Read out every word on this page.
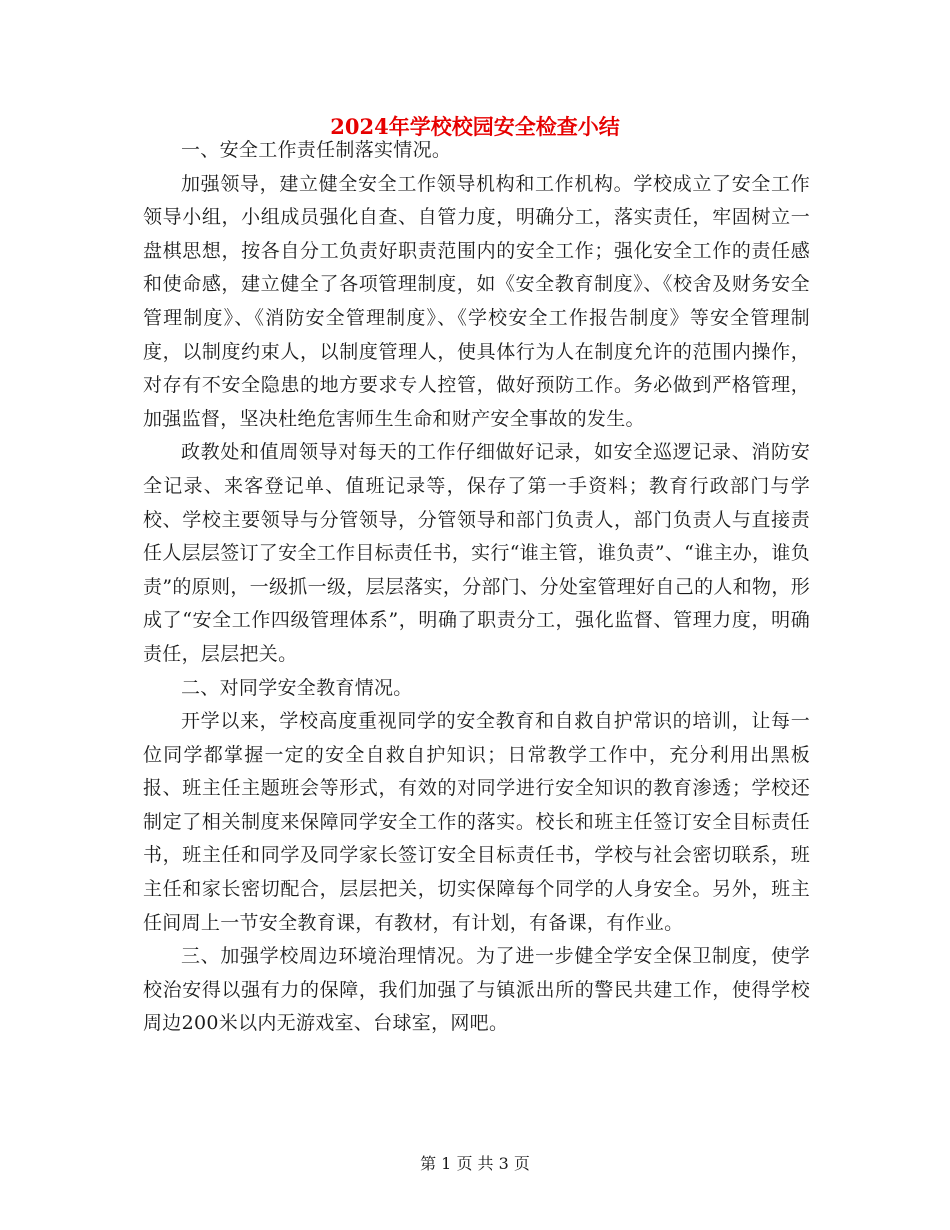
2024年学校校园安全检查小结

一、安全工作责任制落实情况。

加强领导，建立健全安全工作领导机构和工作机构。学校成立了安全工作领导小组，小组成员强化自查、自管力度，明确分工，落实责任，牢固树立一盘棋思想，按各自分工负责好职责范围内的安全工作；强化安全工作的责任感和使命感，建立健全了各项管理制度，如《安全教育制度》、《校舍及财务安全管理制度》、《消防安全管理制度》、《学校安全工作报告制度》等安全管理制度，以制度约束人，以制度管理人，使具体行为人在制度允许的范围内操作，对存有不安全隐患的地方要求专人控管，做好预防工作。务必做到严格管理，加强监督，坚决杜绝危害师生生命和财产安全事故的发生。

政教处和值周领导对每天的工作仔细做好记录，如安全巡逻记录、消防安全记录、来客登记单、值班记录等，保存了第一手资料；教育行政部门与学校、学校主要领导与分管领导，分管领导和部门负责人，部门负责人与直接责任人层层签订了安全工作目标责任书，实行“谁主管，谁负责”、“谁主办，谁负责”的原则，一级抓一级，层层落实，分部门、分处室管理好自己的人和物，形成了“安全工作四级管理体系”，明确了职责分工，强化监督、管理力度，明确责任，层层把关。

二、对同学安全教育情况。

开学以来，学校高度重视同学的安全教育和自救自护常识的培训，让每一位同学都掌握一定的安全自救自护知识；日常教学工作中，充分利用出黑板报、班主任主题班会等形式，有效的对同学进行安全知识的教育渗透；学校还制定了相关制度来保障同学安全工作的落实。校长和班主任签订安全目标责任书，班主任和同学及同学家长签订安全目标责任书，学校与社会密切联系，班主任和家长密切配合，层层把关，切实保障每个同学的人身安全。另外，班主任间周上一节安全教育课，有教材，有计划，有备课，有作业。

三、加强学校周边环境治理情况。为了进一步健全学安全保卫制度，使学校治安得以强有力的保障，我们加强了与镇派出所的警民共建工作，使得学校周边200米以内无游戏室、台球室，网吧。

第 1 页 共 3 页
